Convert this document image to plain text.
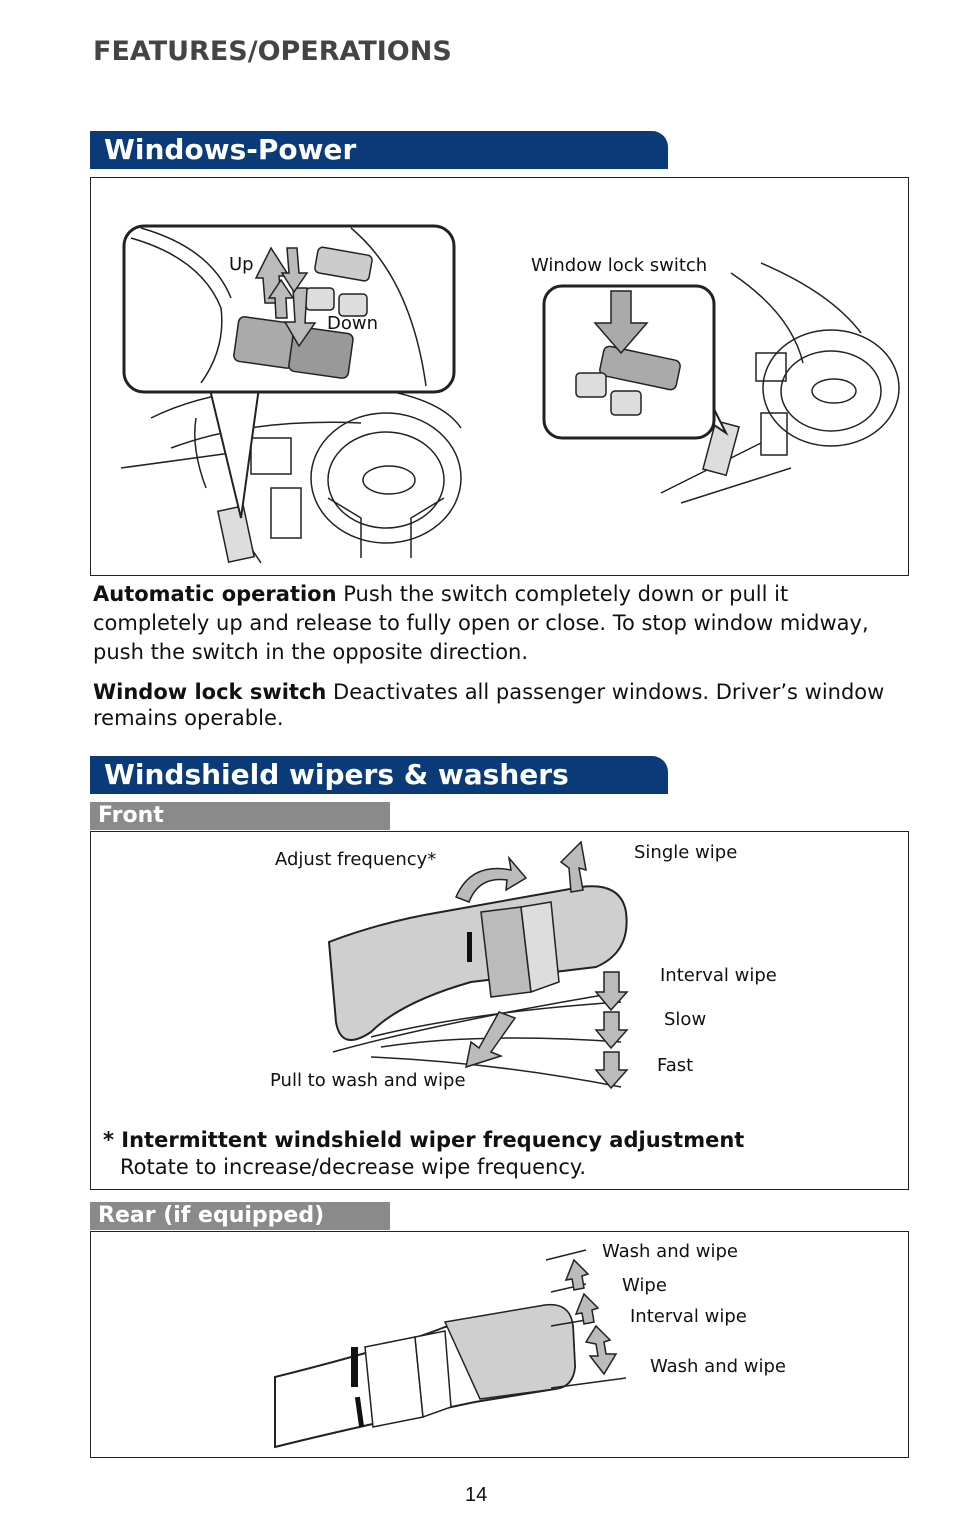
FEATURES/OPERATIONS
Windows-Power
Up
Down
Window lock switch
Automatic operation Push the switch completely down or pull it completely up and release to fully open or close. To stop window midway, push the switch in the opposite direction.
Window lock switch Deactivates all passenger windows. Driver’s window remains operable.
Windshield wipers & washers
Front
Adjust frequency*	Single wipe
Interval wipe
Slow
Fast
Pull to wash and wipe
* Intermittent windshield wiper frequency adjustment
Rotate to increase/decrease wipe frequency.
Rear (if equipped)
Wash and wipe
Wipe
Interval wipe
Wash and wipe
14
